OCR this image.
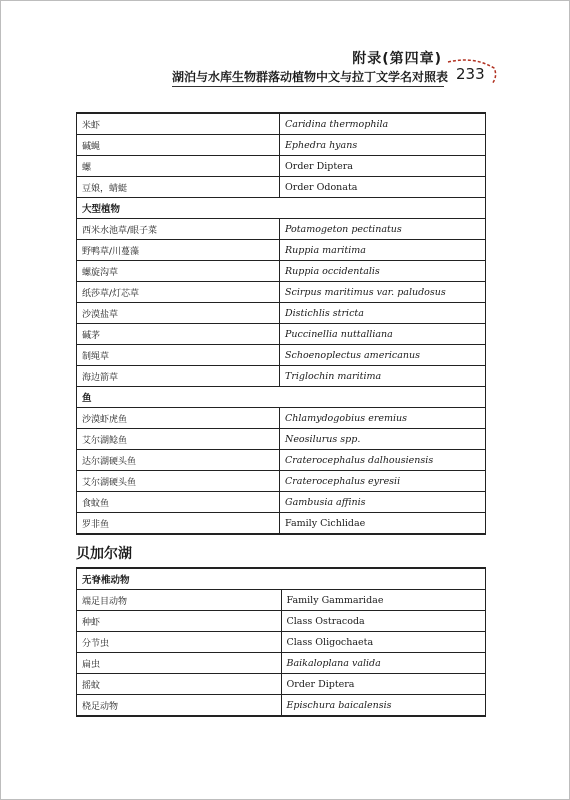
附录(第四章)
湖泊与水库生物群落动植物中文与拉丁文学名对照表 233
米虾	Caridina thermophila
碱蝇	Ephedra hyans
螺	Order Diptera
豆娘，蜻蜓	Order Odonata
大型植物	
西米水池草/眼子菜	Potamogeton pectinatus
野鸭草/川蔓藻	Ruppia maritima
螺旋沟草	Ruppia occidentalis
纸莎草/灯芯草	Scirpus maritimus var. paludosus
沙漠盐草	Distichlis stricta
碱茅	Puccinellia nuttalliana
制绳草	Schoenoplectus americanus
海边箭草	Triglochin maritima
鱼	
沙漠虾虎鱼	Chlamydogobius eremius
艾尔湖鲶鱼	Neosilurus spp.
达尔湖硬头鱼	Craterocephalus dalhousiensis
艾尔湖硬头鱼	Craterocephalus eyresii
食蚊鱼	Gambusia affinis
罗非鱼	Family Cichlidae
贝加尔湖
无脊椎动物	
端足目动物	Family Gammaridae
种虾	Class Ostracoda
分节虫	Class Oligochaeta
扁虫	Baikaloplana valida
摇蚊	Order Diptera
桡足动物	Epischura baicalensis
